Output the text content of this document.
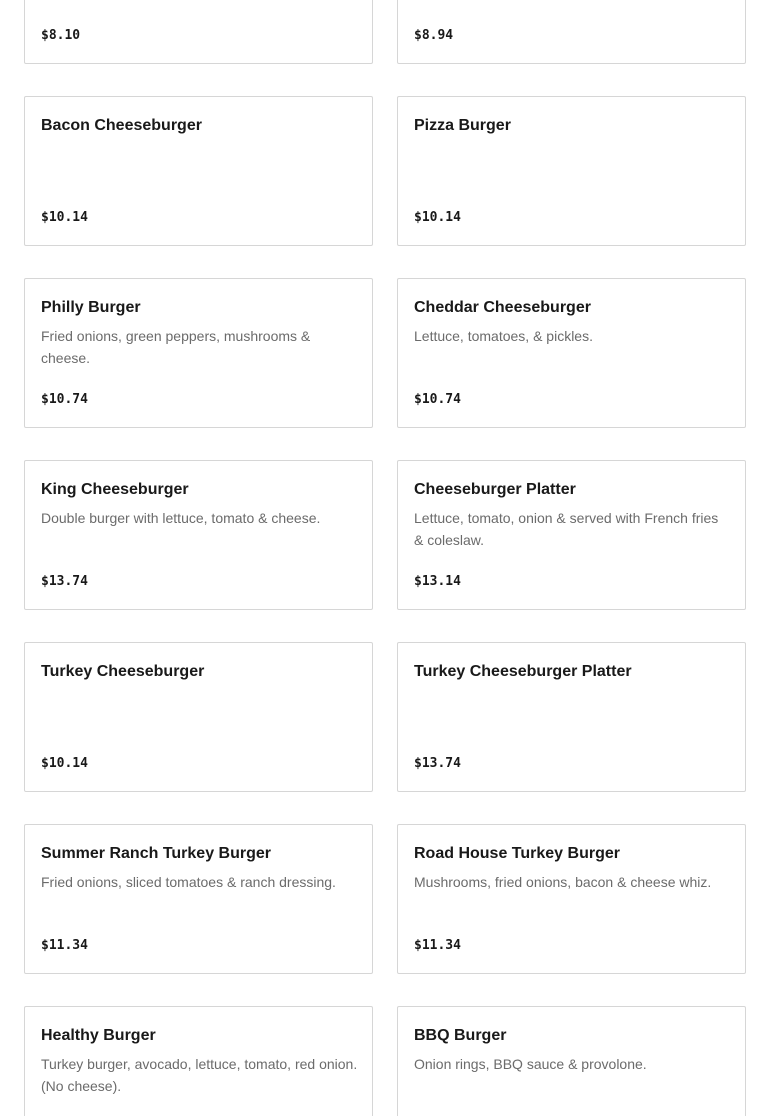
$8.10	$8.94
Bacon Cheeseburger
$10.14
Pizza Burger
$10.14
Philly Burger
Fried onions, green peppers, mushrooms & cheese.
$10.74
Cheddar Cheeseburger
Lettuce, tomatoes, & pickles.
$10.74
King Cheeseburger
Double burger with lettuce, tomato & cheese.
$13.74
Cheeseburger Platter
Lettuce, tomato, onion & served with French fries & coleslaw.
$13.14
Turkey Cheeseburger
$10.14
Turkey Cheeseburger Platter
$13.74
Summer Ranch Turkey Burger
Fried onions, sliced tomatoes & ranch dressing.
$11.34
Road House Turkey Burger
Mushrooms, fried onions, bacon & cheese whiz.
$11.34
Healthy Burger
Turkey burger, avocado, lettuce, tomato, red onion. (No cheese).
BBQ Burger
Onion rings, BBQ sauce & provolone.
